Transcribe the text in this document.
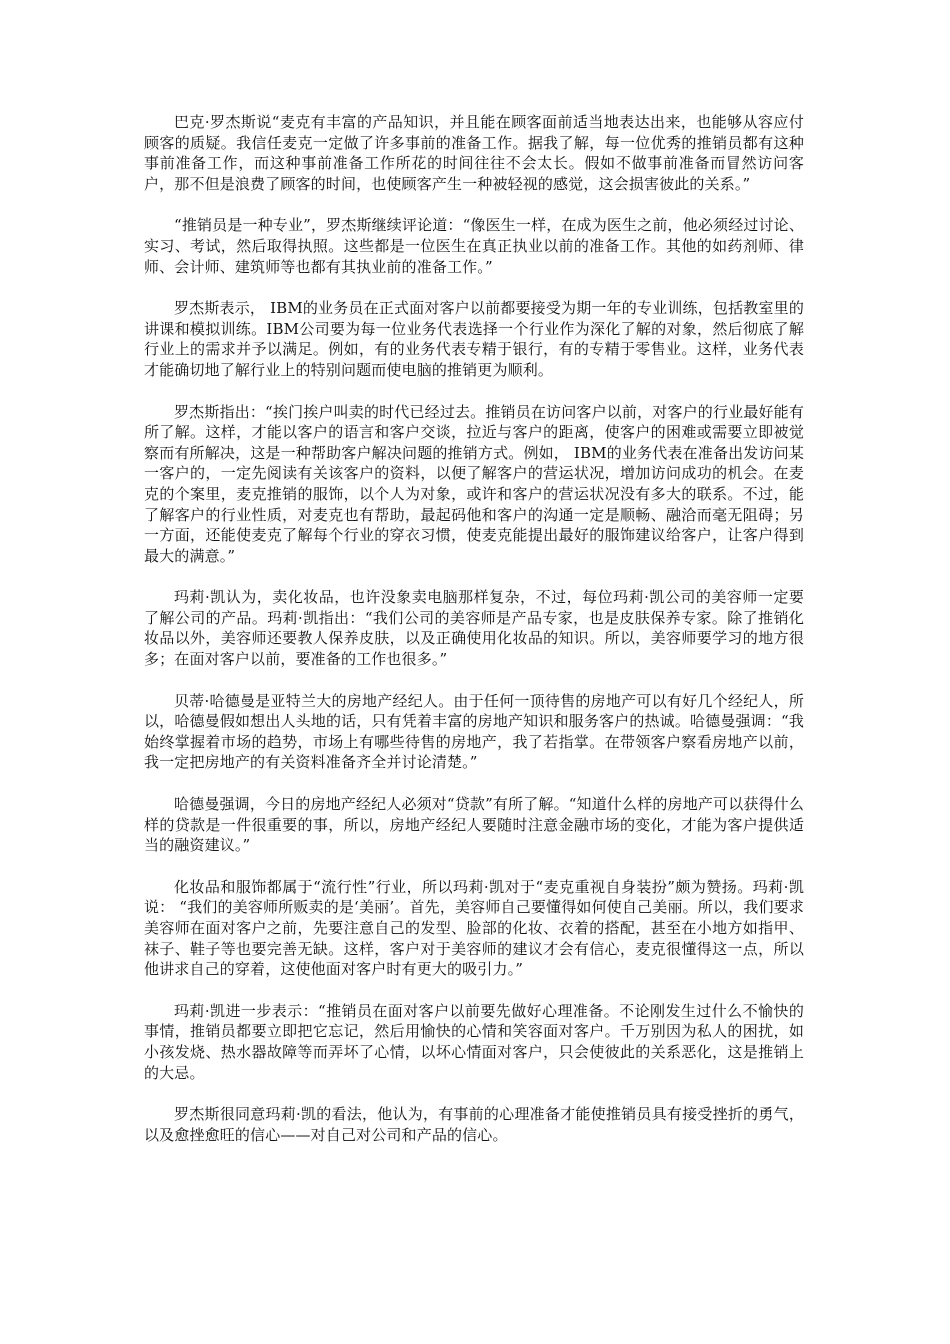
巴克·罗杰斯说“麦克有丰富的产品知识，并且能在顾客面前适当地表达出来，也能够从容应付顾客的质疑。我信任麦克一定做了许多事前的准备工作。据我了解，每一位优秀的推销员都有这种事前准备工作，而这种事前准备工作所花的时间往往不会太长。假如不做事前准备而冒然访问客户，那不但是浪费了顾客的时间，也使顾客产生一种被轻视的感觉，这会损害彼此的关系。”

“推销员是一种专业”，罗杰斯继续评论道：“像医生一样，在成为医生之前，他必须经过讨论、实习、考试，然后取得执照。这些都是一位医生在真正执业以前的准备工作。其他的如药剂师、律师、会计师、建筑师等也都有其执业前的准备工作。”

罗杰斯表示， IBM的业务员在正式面对客户以前都要接受为期一年的专业训练，包括教室里的讲课和模拟训练。IBM公司要为每一位业务代表选择一个行业作为深化了解的对象，然后彻底了解行业上的需求并予以满足。例如，有的业务代表专精于银行，有的专精于零售业。这样，业务代表才能确切地了解行业上的特别问题而使电脑的推销更为顺利。

罗杰斯指出：“挨门挨户叫卖的时代已经过去。推销员在访问客户以前，对客户的行业最好能有所了解。这样，才能以客户的语言和客户交谈，拉近与客户的距离，使客户的困难或需要立即被觉察而有所解决，这是一种帮助客户解决问题的推销方式。例如， IBM的业务代表在准备出发访问某一客户的，一定先阅读有关该客户的资料，以便了解客户的营运状况，增加访问成功的机会。在麦克的个案里，麦克推销的服饰，以个人为对象，或许和客户的营运状况没有多大的联系。不过，能了解客户的行业性质，对麦克也有帮助，最起码他和客户的沟通一定是顺畅、融洽而毫无阻碍；另一方面，还能使麦克了解每个行业的穿衣习惯，使麦克能提出最好的服饰建议给客户，让客户得到最大的满意。”

玛莉·凯认为，卖化妆品，也许没象卖电脑那样复杂，不过，每位玛莉·凯公司的美容师一定要了解公司的产品。玛莉·凯指出：“我们公司的美容师是产品专家，也是皮肤保养专家。除了推销化妆品以外，美容师还要教人保养皮肤，以及正确使用化妆品的知识。所以，美容师要学习的地方很多；在面对客户以前，要准备的工作也很多。”

贝蒂·哈德曼是亚特兰大的房地产经纪人。由于任何一顶待售的房地产可以有好几个经纪人，所以，哈德曼假如想出人头地的话，只有凭着丰富的房地产知识和服务客户的热诚。哈德曼强调：“我始终掌握着市场的趋势，市场上有哪些待售的房地产，我了若指掌。在带领客户察看房地产以前，我一定把房地产的有关资料准备齐全并讨论清楚。”

哈德曼强调，今日的房地产经纪人必须对“贷款”有所了解。“知道什么样的房地产可以获得什么样的贷款是一件很重要的事，所以，房地产经纪人要随时注意金融市场的变化，才能为客户提供适当的融资建议。”

化妆品和服饰都属于“流行性”行业，所以玛莉·凯对于“麦克重视自身装扮”颇为赞扬。玛莉·凯说： “我们的美容师所贩卖的是‘美丽’。首先，美容师自己要懂得如何使自己美丽。所以，我们要求美容师在面对客户之前，先要注意自己的发型、脸部的化妆、衣着的搭配，甚至在小地方如指甲、袜子、鞋子等也要完善无缺。这样，客户对于美容师的建议才会有信心，麦克很懂得这一点，所以他讲求自己的穿着，这使他面对客户时有更大的吸引力。”

玛莉·凯进一步表示：“推销员在面对客户以前要先做好心理准备。不论刚发生过什么不愉快的事情，推销员都要立即把它忘记，然后用愉快的心情和笑容面对客户。千万别因为私人的困扰，如小孩发烧、热水器故障等而弄坏了心情，以坏心情面对客户，只会使彼此的关系恶化，这是推销上的大忌。

罗杰斯很同意玛莉·凯的看法，他认为，有事前的心理准备才能使推销员具有接受挫折的勇气，以及愈挫愈旺的信心——对自己对公司和产品的信心。
